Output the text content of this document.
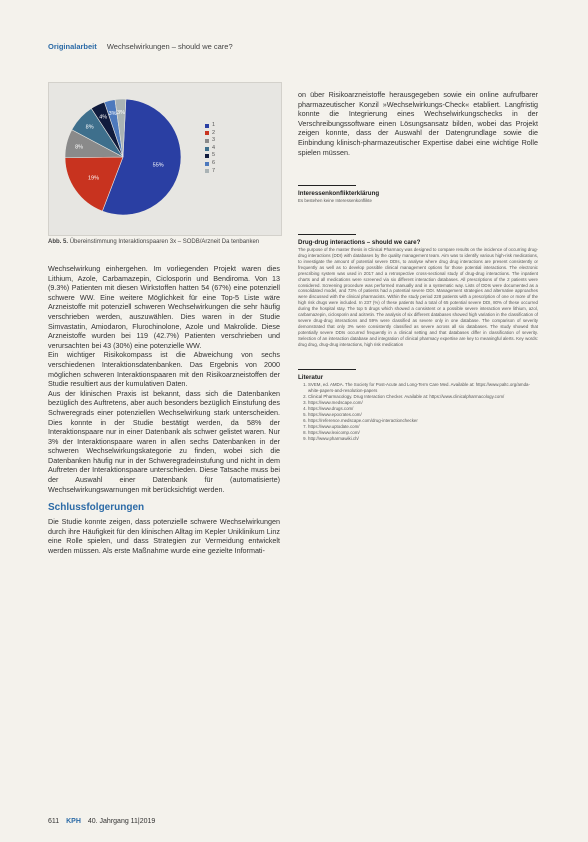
Originalarbeit Wechselwirkungen – should we care?
55%
19%
8%
8%
4%
3% 3%
1
2
3
4
5
6
7
Abb. 5. Übereinstimmung Interaktionspaaren 3x – SODB/Arzneit Da tenbanken

Wechselwirkung einhergehen. Im vorliegenden Projekt waren dies Lithium, Azole, Carbamazepin, Ciclosporin und Bendiroma. Von 13 (9.3%) Patienten mit diesen Wirkstoffen hatten 54 (67%) eine potenziell schwere WW. Eine weitere Möglichkeit für eine Top-5 Liste wäre Arzneistoffe mit potenziell schweren Wechselwirkungen die sehr häufig verschrieben werden, auszuwählen. Dies waren in der Studie Simvastatin, Amiodaron, Flurochinolone, Azole und Makrolide. Diese Arzneistoffe wurden bei 119 (42.7%) Patienten verschrieben und verursachten bei 43 (30%) eine potenzielle WW.

Ein wichtiger Risikokompass ist die Abweichung von sechs verschiedenen Interaktionsdatenbanken. Das Ergebnis von 2000 möglichen schweren Interaktionspaaren mit den Risikoarzneistoffen der Studie resultiert aus der kumulativen Daten.

Aus der klinischen Praxis ist bekannt, dass sich die Datenbanken bezüglich des Auftretens, aber auch besonders bezüglich Einstufung des Schweregrads einer potenziellen Wechselwirkung stark unterscheiden. Dies konnte in der Studie bestätigt werden, da 58% der Interaktionspaare nur in einer Datenbank als schwer gelistet waren. Nur 3% der Interaktionspaare waren in allen sechs Datenbanken in der schweren Wechselwirkungskategorie zu finden, wobei sich die Datenbanken häufig nur in der Schweregradeinstufung und nicht in dem Auftreten der Interaktionspaare unterschieden. Diese Tatsache muss bei der Auswahl einer Datenbank für (automatisierte) Wechselwirkungswarnungen mit berücksichtigt werden.

Schlussfolgerungen

Die Studie konnte zeigen, dass potenzielle schwere Wechselwirkungen durch ihre Häufigkeit für den klinischen Alltag im Kepler Uniklinikum Linz eine Rolle spielen, und dass Strategien zur Vermeidung entwickelt werden müssen. Als erste Maßnahme wurde eine gezielte Informati-

on über Risikoarzneistoffe herausgegeben sowie ein online aufrufbarer pharmazeutischer Konzil »Wechselwirkungs-Check« etabliert. Langfristig konnte die Integrierung eines Wechselwirkungschecks in der Verschreibungssoftware einen Lösungsansatz bilden, wobei das Projekt zeigen konnte, dass der Auswahl der Datengrundlage sowie die Einbindung klinisch-pharmazeutischer Expertise dabei eine wichtige Rolle spielen müssen.
Interessenkonflikterklärung
Es bestehen keine Interessenkonflikte
Drug-drug interactions – should we care?
The purpose of the master thesis in Clinical Pharmacy was designed to compare results on the incidence of occurring drug-drug interactions (DDI) with databases by the quality management team. Aim was to identify various high-risk medications, to investigate the amount of potential severe DDIs, to analyse where drug drug interactions are present consistently or frequently as well as to develop possible clinical management options for those potential interactions. The electronic prescribing system was used in 2017 and a retrospective cross-sectional study of drug-drug interactions. The inpatient charts and all medications were screened via six different interaction databases. All prescriptions of the 2 patients were considered. Screening procedure was performed manually and in a systematic way. Lists of DDIs were documented as a consolidated model, and 73% of patients had a potential severe DDI. Management strategies and alternative approaches were discussed with the clinical pharmacists. Within the study period 228 patients with a prescription of one or more of the high risk drugs were included. In 237 (%) of these patients had a total of 65 potential severe DDI, 80% of these occurred during the hospital stay. The top 5 drugs which showed a consistent or a possible severe interaction were lithium, azol, carbamazepin, ciclosporin and acitretin. The analysis of six different databases showed high variation in the classification of severe drug-drug interactions and 59% were classified as severe only in one database. The comparison of severity demonstrated that only 3% were consistently classified as severe across all six databases. The study showed that potentially severe DDIs occurred frequently in a clinical setting and that databases differ in classification of severity. Selection of an interaction database and integration of clinical pharmacy expertise are key to meaningful alerts. Key words: drug drug, drug-drug interactions, high risk medication
Literatur
1. SVEM, ed. AMDA. The Society for Post-Acute and Long-Term Care Med. Available at: https://www.paltc.org/amda-white-papers-and-resolution-papers
2. Clinical Pharmacology. Drug Interaction Checker. Available at: https://www.clinicalpharmacology.com/
3. https://www.medscape.com/
4. https://www.drugs.com/
5. https://www.epocrates.com/
6. https://reference.medscape.com/drug-interactionchecker
7. https://www.uptodate.com/
8. https://www.lexicomp.com/
9. http://www.pharmawiki.ch/
611 KPH 40. Jahrgang 11|2019
